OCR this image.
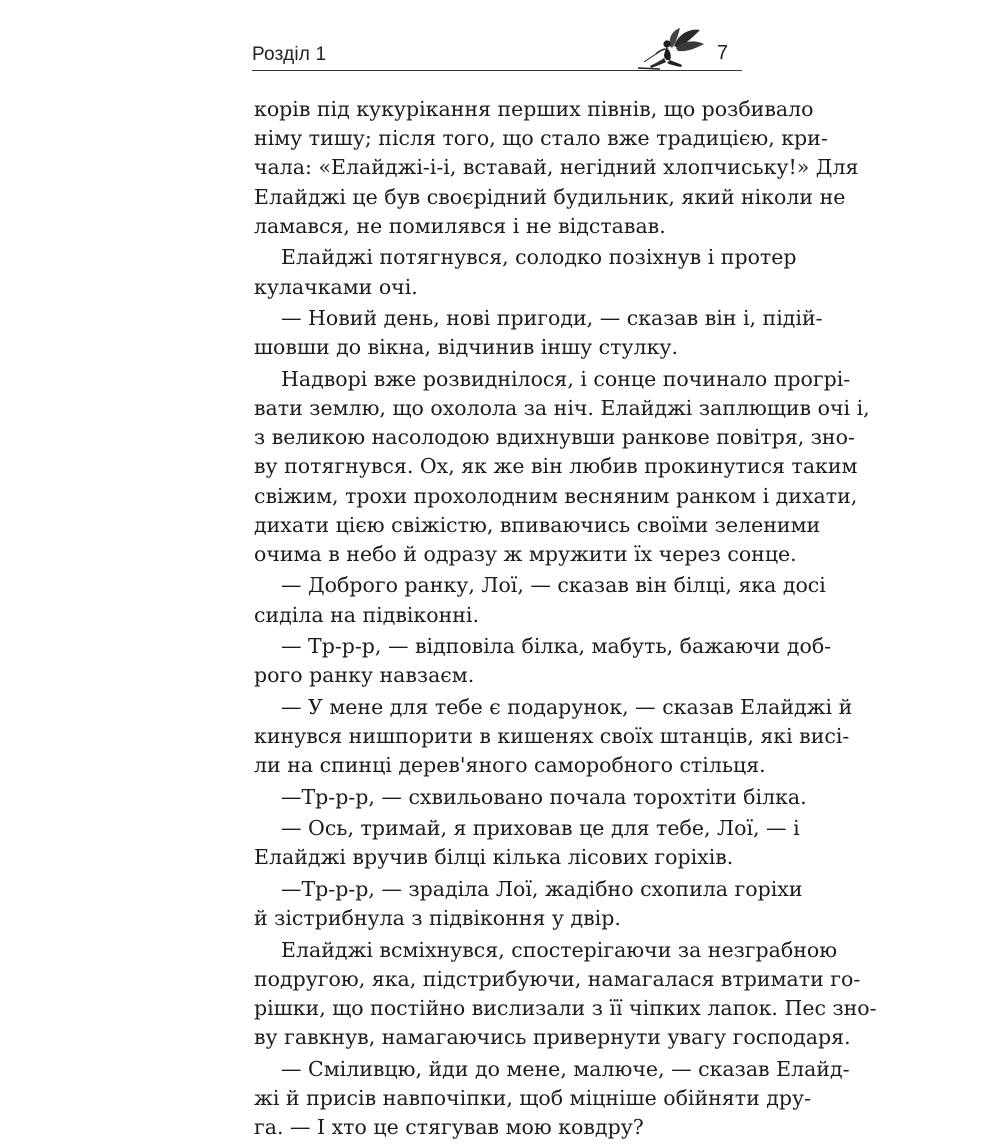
Розділ 1	7

корів під кукурікання перших півнів, що розбивало
німу тишу; після того, що стало вже традицією, кри-
чала: «Елайджі-і-і, вставай, негідний хлопчиську!» Для
Елайджі це був своєрідний будильник, який ніколи не
ламався, не помилявся і не відставав.

Елайджі потягнувся, солодко позіхнув і протер
кулачками очі.

— Новий день, нові пригоди, — сказав він і, підій-
шовши до вікна, відчинив іншу стулку.

Надворі вже розвиднілося, і сонце починало прогрі-
вати землю, що охолола за ніч. Елайджі заплющив очі і,
з великою насолодою вдихнувши ранкове повітря, зно-
ву потягнувся. Ох, як же він любив прокинутися таким
свіжим, трохи прохолодним весняним ранком і дихати,
дихати цією свіжістю, впиваючись своїми зеленими
очима в небо й одразу ж мружити їх через сонце.

— Доброго ранку, Лої, — сказав він білці, яка досі
сиділа на підвіконні.

— Тр-р-р, — відповіла білка, мабуть, бажаючи доб-
рого ранку навзаєм.

— У мене для тебе є подарунок, — сказав Елайджі й
кинувся нишпорити в кишенях своїх штанців, які висі-
ли на спинці дерев'яного саморобного стільця.

—Тр-р-р, — схвильовано почала торохтіти білка.

— Ось, тримай, я приховав це для тебе, Лої, — і
Елайджі вручив білці кілька лісових горіхів.

—Тр-р-р, — зраділа Лої, жадібно схопила горіхи
й зістрибнула з підвіконня у двір.

Елайджі всміхнувся, спостерігаючи за незграбною
подругою, яка, підстрибуючи, намагалася втримати го-
рішки, що постійно вислизали з її чіпких лапок. Пес зно-
ву гавкнув, намагаючись привернути увагу господаря.

— Сміливцю, йди до мене, малюче, — сказав Елайд-
жі й присів навпочіпки, щоб міцніше обійняти дру-
га. — І хто це стягував мою ковдру?
